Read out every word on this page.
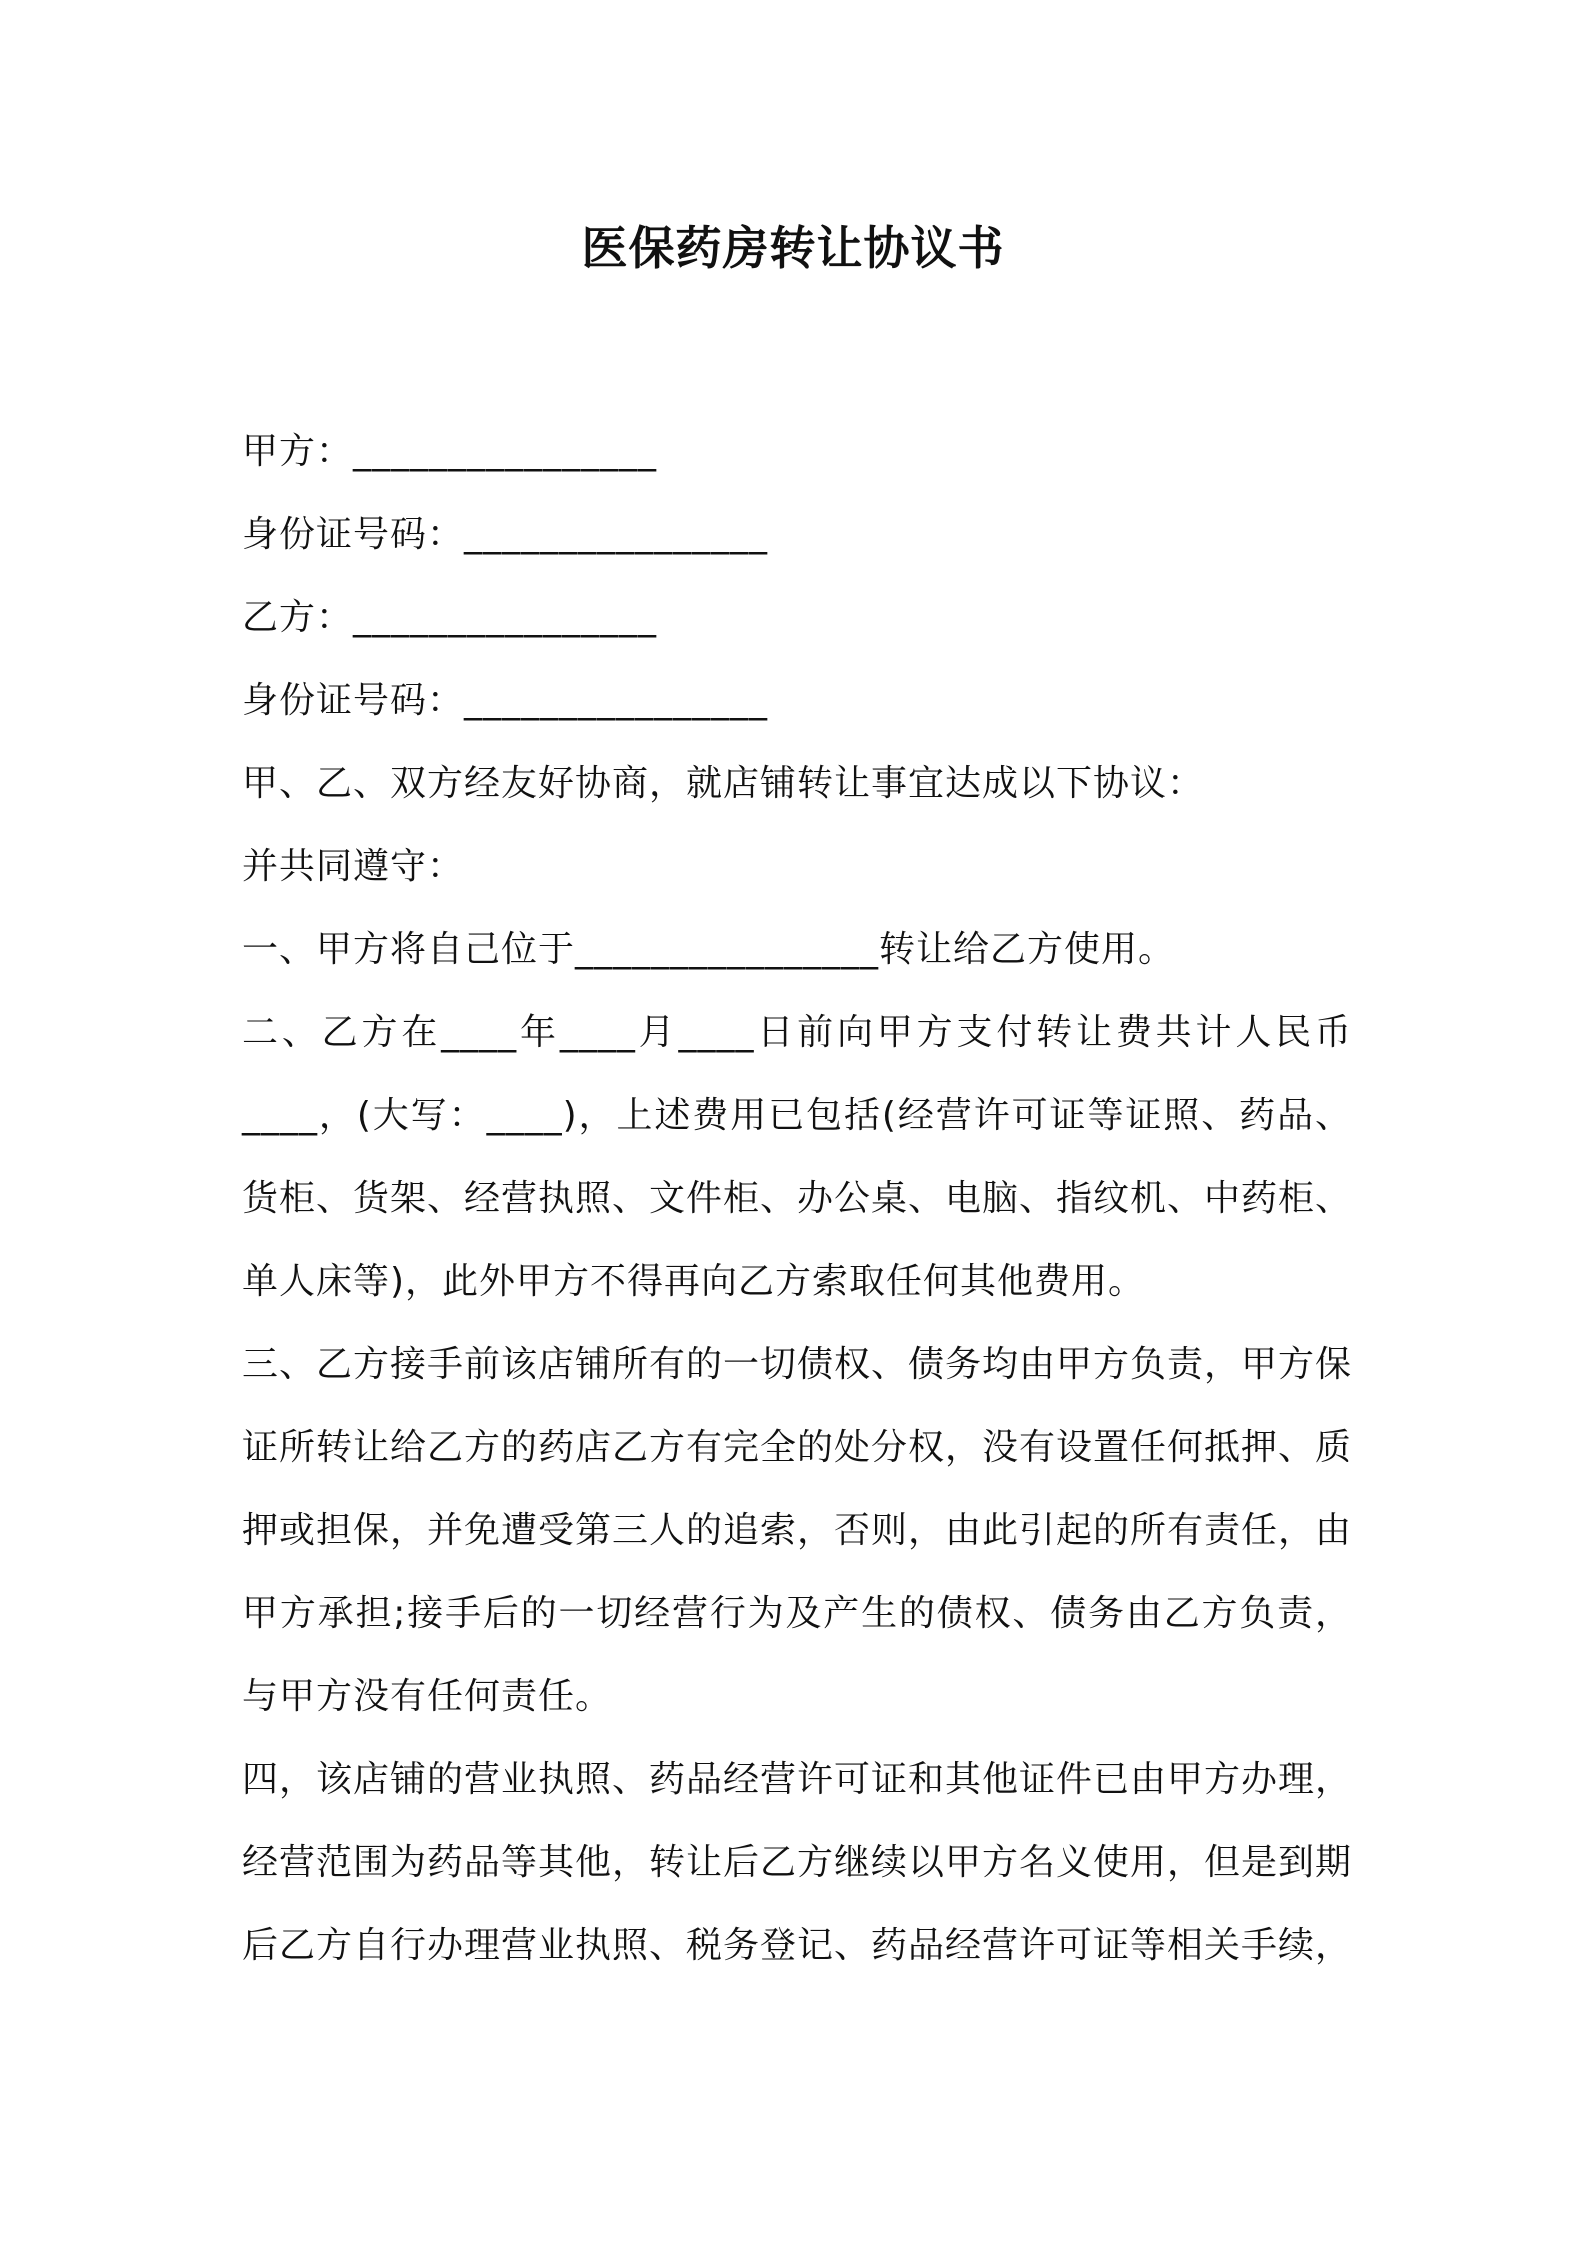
医保药房转让协议书
甲方：________________
身份证号码：________________
乙方：________________
身份证号码：________________
甲、乙、双方经友好协商，就店铺转让事宜达成以下协议：
并共同遵守：
一、甲方将自己位于________________转让给乙方使用。

二、乙方在____年____月____日前向甲方支付转让费共计人民币____，(大写：____)，上述费用已包括(经营许可证等证照、药品、货柜、货架、经营执照、文件柜、办公桌、电脑、指纹机、中药柜、单人床等)，此外甲方不得再向乙方索取任何其他费用。

三、乙方接手前该店铺所有的一切债权、债务均由甲方负责，甲方保证所转让给乙方的药店乙方有完全的处分权，没有设置任何抵押、质押或担保，并免遭受第三人的追索，否则，由此引起的所有责任，由甲方承担;接手后的一切经营行为及产生的债权、债务由乙方负责，与甲方没有任何责任。

四，该店铺的营业执照、药品经营许可证和其他证件已由甲方办理，经营范围为药品等其他，转让后乙方继续以甲方名义使用，但是到期后乙方自行办理营业执照、税务登记、药品经营许可证等相关手续，
